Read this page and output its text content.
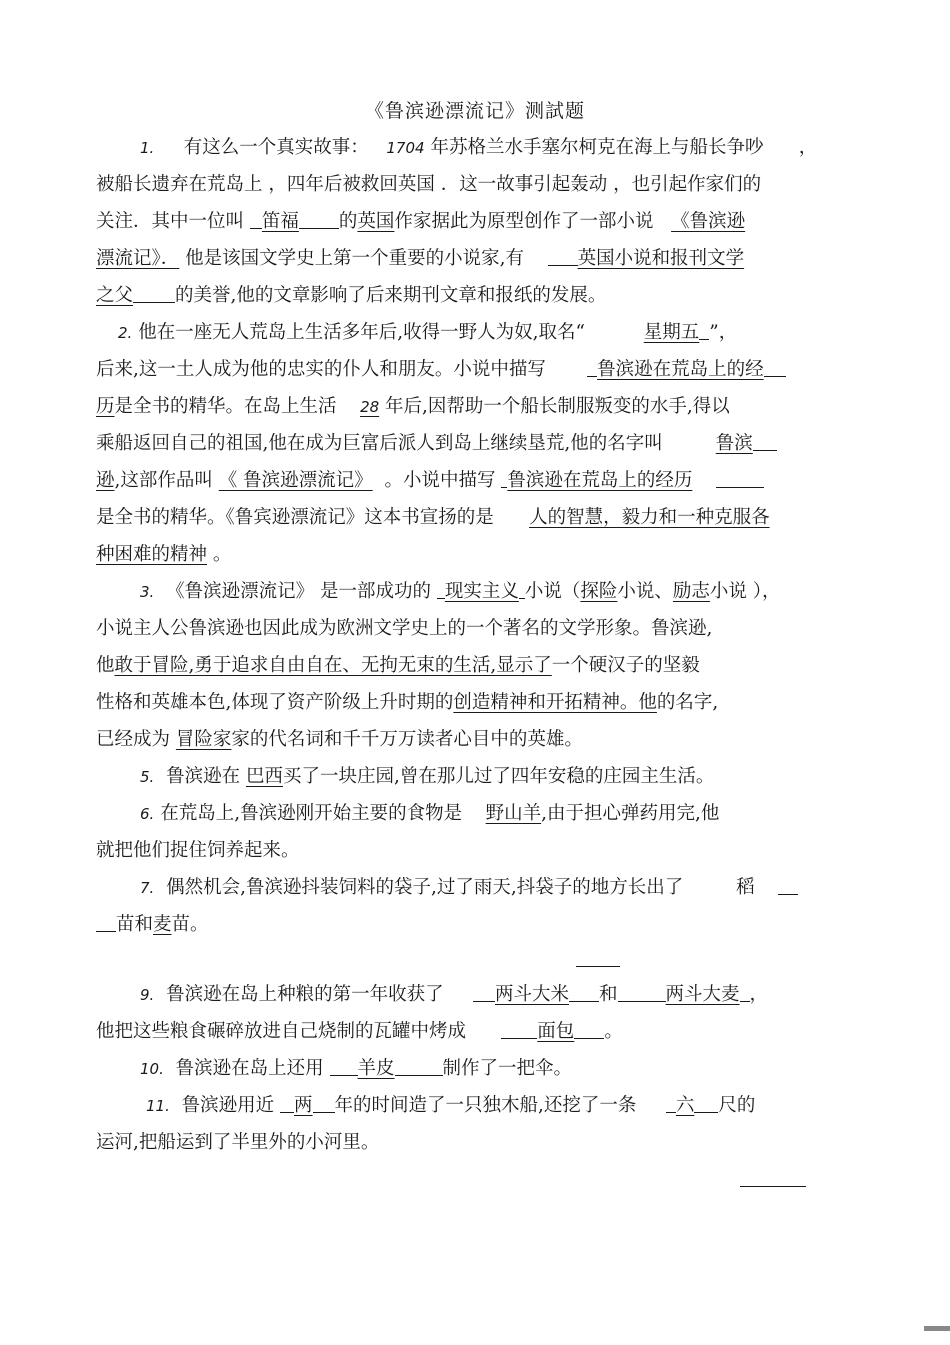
《鲁滨逊漂流记》测試题
1. 有这么一个真实故事： 1704 年苏格兰水手塞尔柯克在海上与船长争吵 ，
被船长遗弃在荒岛上 ，四年后被救回英国 ．这一故事引起轰动 ，也引起作家们的
关注．其中一位叫 笛福 的英国作家据此为原型创作了一部小说   《鲁滨逊
漂流记》． 他是该国文学史上第一个重要的小说家,有	英国小说和报刊文学
之父 的美誉,他的文章影响了后来期刊文章和报纸的发展。
2. 他在一座无人荒岛上生活多年后,收得一野人为奴,取名“	星期五 ”，
后来,这一土人成为他的忠实的仆人和朋友。小说中描写	鲁滨逊在荒岛上的经
历是全书的精华。在岛上生活    28 年后,因帮助一个船长制服叛变的水手,得以
乘船返回自己的祖国,他在成为巨富后派人到岛上继续垦荒,他的名字叫	鲁滨
逊,这部作品叫 《 鲁滨逊漂流记》 。小说中描写 鲁滨逊在荒岛上的经历
是全书的精华。《鲁宾逊漂流记》这本书宣扬的是 人的智慧，毅力和一种克服各
种困难的精神 。
3. 《鲁滨逊漂流记》 是一部成功的 现实主义 小说（探险小说、励志小说 ），
小说主人公鲁滨逊也因此成为欧洲文学史上的一个著名的文学形象。鲁滨逊,
他敢于冒险,勇于追求自由自在、无拘无束的生活,显示了一个硬汉子的坚毅
性格和英雄本色,体现了资产阶级上升时期的创造精神和开拓精神。他的名字,
已经成为 冒险家家的代名词和千千万万读者心目中的英雄。
5. 鲁滨逊在 巴西买了一块庄园,曾在那儿过了四年安稳的庄园主生活。
6. 在荒岛上,鲁滨逊刚开始主要的食物是    野山羊,由于担心弹药用完,他
就把他们捉住饲养起来。
7. 偶然机会,鲁滨逊抖装饲料的袋子,过了雨天,抖袋子的地方长出了	稻
苗和麦苗。
9. 鲁滨逊在岛上种粮的第一年收获了     两斗大米 和	两斗大麦 ，
他把这些粮食碾碎放进自己烧制的瓦罐中烤成	面包 。
10. 鲁滨逊在岛上还用 羊皮	制作了一把伞。
11. 鲁滨逊用近 两 年的时间造了一只独木船,还挖了一条     六 尺的
运河,把船运到了半里外的小河里。
